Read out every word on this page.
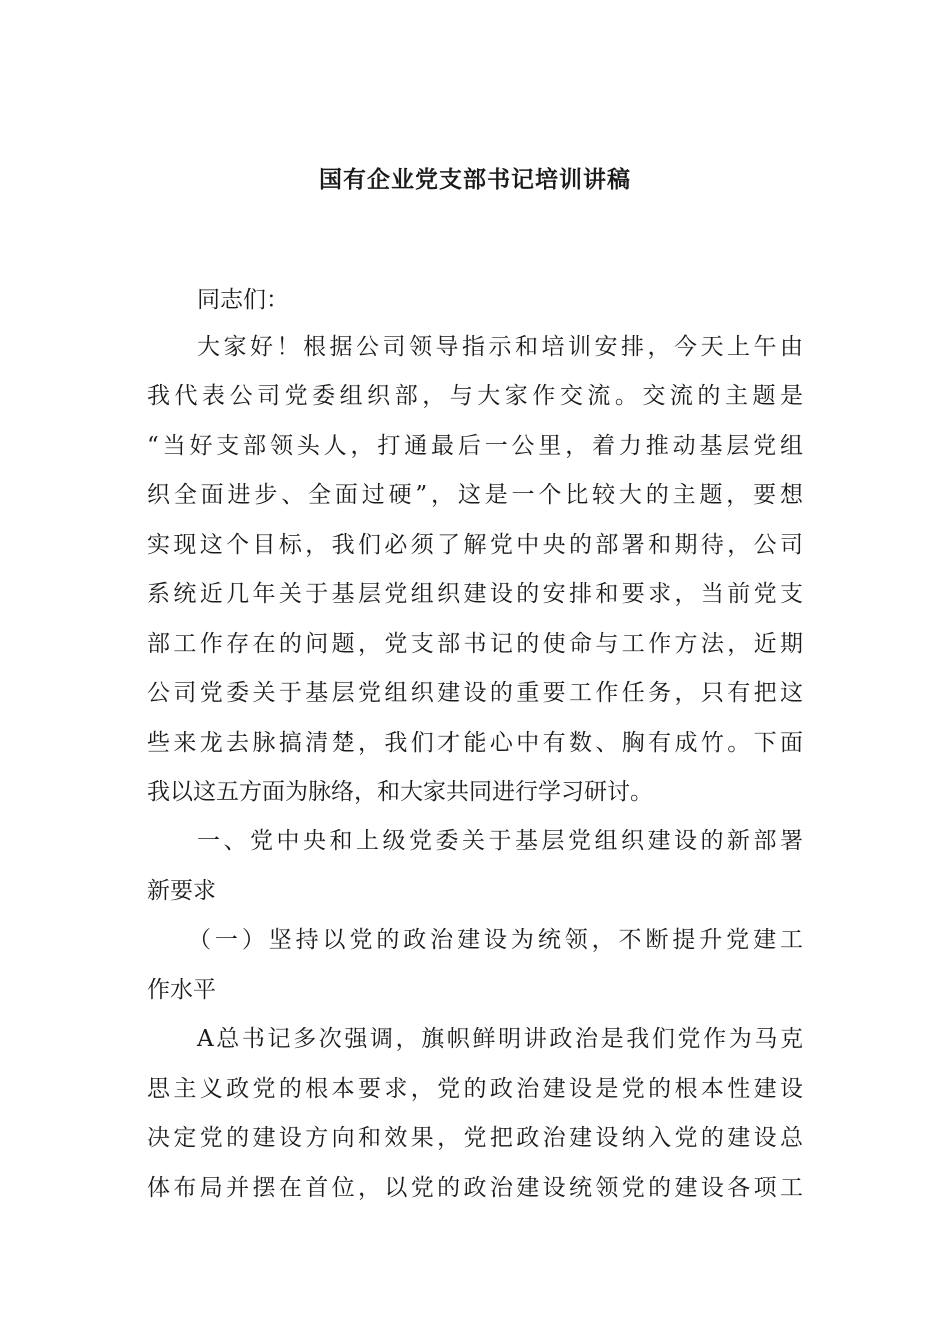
国有企业党支部书记培训讲稿
同志们：
大家好！根据公司领导指示和培训安排，今天上午由
我代表公司党委组织部，与大家作交流。交流的主题是
“当好支部领头人，打通最后一公里，着力推动基层党组
织全面进步、全面过硬”，这是一个比较大的主题，要想
实现这个目标，我们必须了解党中央的部署和期待，公司
系统近几年关于基层党组织建设的安排和要求，当前党支
部工作存在的问题，党支部书记的使命与工作方法，近期
公司党委关于基层党组织建设的重要工作任务，只有把这
些来龙去脉搞清楚，我们才能心中有数、胸有成竹。下面
我以这五方面为脉络，和大家共同进行学习研讨。
一、党中央和上级党委关于基层党组织建设的新部署
新要求
（一）坚持以党的政治建设为统领，不断提升党建工
作水平
A总书记多次强调，旗帜鲜明讲政治是我们党作为马克
思主义政党的根本要求，党的政治建设是党的根本性建设
决定党的建设方向和效果，党把政治建设纳入党的建设总
体布局并摆在首位，以党的政治建设统领党的建设各项工
